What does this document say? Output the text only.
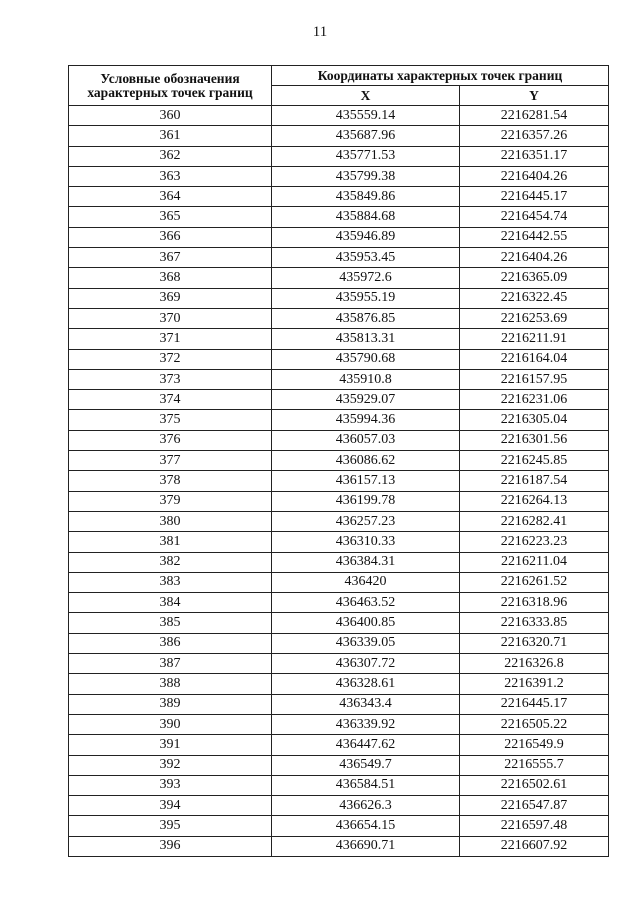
11
Условные обозначения
характерных точек границ	Координаты характерных точек границ	
	X	Y
360	435559.14	2216281.54
361	435687.96	2216357.26
362	435771.53	2216351.17
363	435799.38	2216404.26
364	435849.86	2216445.17
365	435884.68	2216454.74
366	435946.89	2216442.55
367	435953.45	2216404.26
368	435972.6	2216365.09
369	435955.19	2216322.45
370	435876.85	2216253.69
371	435813.31	2216211.91
372	435790.68	2216164.04
373	435910.8	2216157.95
374	435929.07	2216231.06
375	435994.36	2216305.04
376	436057.03	2216301.56
377	436086.62	2216245.85
378	436157.13	2216187.54
379	436199.78	2216264.13
380	436257.23	2216282.41
381	436310.33	2216223.23
382	436384.31	2216211.04
383	436420	2216261.52
384	436463.52	2216318.96
385	436400.85	2216333.85
386	436339.05	2216320.71
387	436307.72	2216326.8
388	436328.61	2216391.2
389	436343.4	2216445.17
390	436339.92	2216505.22
391	436447.62	2216549.9
392	436549.7	2216555.7
393	436584.51	2216502.61
394	436626.3	2216547.87
395	436654.15	2216597.48
396	436690.71	2216607.92
